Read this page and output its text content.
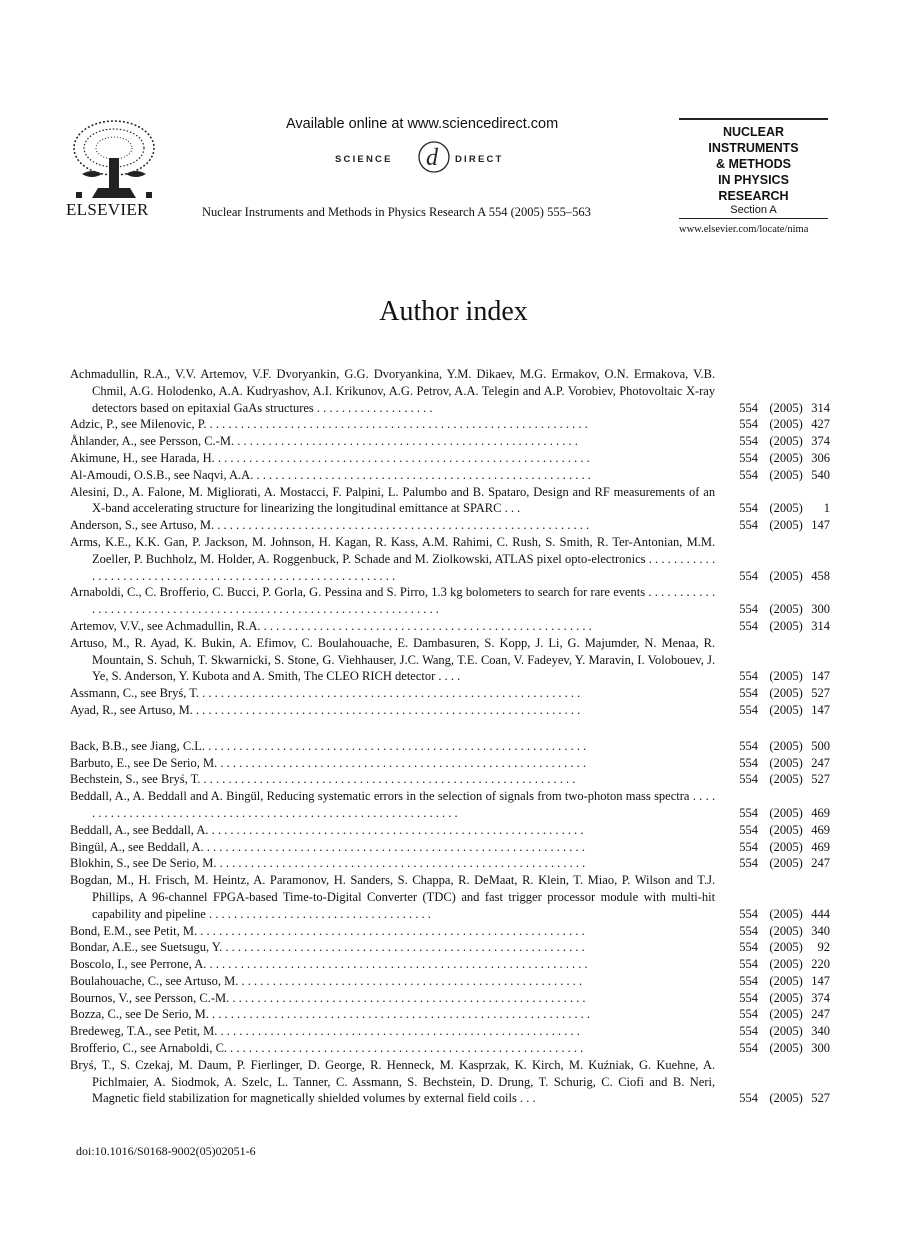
ELSEVIER
Available online at www.sciencedirect.com
SCIENCE d DIRECT
Nuclear Instruments and Methods in Physics Research A 554 (2005) 555–563
NUCLEAR
INSTRUMENTS
& METHODS
IN PHYSICS
RESEARCH
Section A
www.elsevier.com/locate/nima
Author index
Achmadullin, R.A., V.V. Artemov, V.F. Dvoryankin, G.G. Dvoryankina, Y.M. Dikaev, M.G. Ermakov, O.N. Ermakova, V.B. Chmil, A.G. Holodenko, A.A. Kudryashov, A.I. Krikunov, A.G. Petrov, A.A. Telegin and A.P. Vorobiev, Photovoltaic X-ray detectors based on epitaxial GaAs structures . . . . . . . . . . . . . . . . . . .	554 (2005) 314
Adzic, P., see Milenovic, P. . . . . . . . . . . . . . . . . . . . . . . . . . . . . . . . . . . . . . . . . . . . . . . . . . . . . . . . . . . . . .	554 (2005) 427
Åhlander, A., see Persson, C.-M. . . . . . . . . . . . . . . . . . . . . . . . . . . . . . . . . . . . . . . . . . . . . . . . . . . . . . . .	554 (2005) 374
Akimune, H., see Harada, H. . . . . . . . . . . . . . . . . . . . . . . . . . . . . . . . . . . . . . . . . . . . . . . . . . . . . . . . . . . . .	554 (2005) 306
Al-Amoudi, O.S.B., see Naqvi, A.A. . . . . . . . . . . . . . . . . . . . . . . . . . . . . . . . . . . . . . . . . . . . . . . . . . . . . . .	554 (2005) 540
Alesini, D., A. Falone, M. Migliorati, A. Mostacci, F. Palpini, L. Palumbo and B. Spataro, Design and RF measurements of an X-band accelerating structure for linearizing the longitudinal emittance at SPARC . . .	554 (2005)	1
Anderson, S., see Artuso, M. . . . . . . . . . . . . . . . . . . . . . . . . . . . . . . . . . . . . . . . . . . . . . . . . . . . . . . . . . . . .	554 (2005) 147
Arms, K.E., K.K. Gan, P. Jackson, M. Johnson, H. Kagan, R. Kass, A.M. Rahimi, C. Rush, S. Smith, R. Ter-Antonian, M.M. Zoeller, P. Buchholz, M. Holder, A. Roggenbuck, P. Schade and M. Ziolkowski, ATLAS pixel opto-electronics . . . . . . . . . . . . . . . . . . . . . . . . . . . . . . . . . . . . . . . . . . . . . . . . . . . . . . . . . . . .	554 (2005) 458
Arnaboldi, C., C. Brofferio, C. Bucci, P. Gorla, G. Pessina and S. Pirro, 1.3 kg bolometers to search for rare events . . . . . . . . . . . . . . . . . . . . . . . . . . . . . . . . . . . . . . . . . . . . . . . . . . . . . . . . . . . . . . . . . . .	554 (2005) 300
Artemov, V.V., see Achmadullin, R.A. . . . . . . . . . . . . . . . . . . . . . . . . . . . . . . . . . . . . . . . . . . . . . . . . . . . . .	554 (2005) 314
Artuso, M., R. Ayad, K. Bukin, A. Efimov, C. Boulahouache, E. Dambasuren, S. Kopp, J. Li, G. Majumder, N. Menaa, R. Mountain, S. Schuh, T. Skwarnicki, S. Stone, G. Viehhauser, J.C. Wang, T.E. Coan, V. Fadeyev, Y. Maravin, I. Volobouev, J. Ye, S. Anderson, Y. Kubota and A. Smith, The CLEO RICH detector . . . .	554 (2005) 147
Assmann, C., see Bryś, T. . . . . . . . . . . . . . . . . . . . . . . . . . . . . . . . . . . . . . . . . . . . . . . . . . . . . . . . . . . . . .	554 (2005) 527
Ayad, R., see Artuso, M. . . . . . . . . . . . . . . . . . . . . . . . . . . . . . . . . . . . . . . . . . . . . . . . . . . . . . . . . . . . . . .	554 (2005) 147
Back, B.B., see Jiang, C.L. . . . . . . . . . . . . . . . . . . . . . . . . . . . . . . . . . . . . . . . . . . . . . . . . . . . . . . . . . . . . .	554 (2005) 500
Barbuto, E., see De Serio, M. . . . . . . . . . . . . . . . . . . . . . . . . . . . . . . . . . . . . . . . . . . . . . . . . . . . . . . . . . . .	554 (2005) 247
Bechstein, S., see Bryś, T. . . . . . . . . . . . . . . . . . . . . . . . . . . . . . . . . . . . . . . . . . . . . . . . . . . . . . . . . . . . .	554 (2005) 527
Beddall, A., A. Beddall and A. Bingül, Reducing systematic errors in the selection of signals from two-photon mass spectra . . . . . . . . . . . . . . . . . . . . . . . . . . . . . . . . . . . . . . . . . . . . . . . . . . . . . . . . . . . . . . .	554 (2005) 469
Beddall, A., see Beddall, A. . . . . . . . . . . . . . . . . . . . . . . . . . . . . . . . . . . . . . . . . . . . . . . . . . . . . . . . . . . . .	554 (2005) 469
Bingül, A., see Beddall, A. . . . . . . . . . . . . . . . . . . . . . . . . . . . . . . . . . . . . . . . . . . . . . . . . . . . . . . . . . . . . .	554 (2005) 469
Blokhin, S., see De Serio, M. . . . . . . . . . . . . . . . . . . . . . . . . . . . . . . . . . . . . . . . . . . . . . . . . . . . . . . . . . . .	554 (2005) 247
Bogdan, M., H. Frisch, M. Heintz, A. Paramonov, H. Sanders, S. Chappa, R. DeMaat, R. Klein, T. Miao, P. Wilson and T.J. Phillips, A 96-channel FPGA-based Time-to-Digital Converter (TDC) and fast trigger processor module with multi-hit capability and pipeline . . . . . . . . . . . . . . . . . . . . . . . . . . . . . . . . . . . .	554 (2005) 444
Bond, E.M., see Petit, M. . . . . . . . . . . . . . . . . . . . . . . . . . . . . . . . . . . . . . . . . . . . . . . . . . . . . . . . . . . . . . .	554 (2005) 340
Bondar, A.E., see Suetsugu, Y. . . . . . . . . . . . . . . . . . . . . . . . . . . . . . . . . . . . . . . . . . . . . . . . . . . . . . . . . . .	554 (2005)	92
Boscolo, I., see Perrone, A. . . . . . . . . . . . . . . . . . . . . . . . . . . . . . . . . . . . . . . . . . . . . . . . . . . . . . . . . . . . . .	554 (2005) 220
Boulahouache, C., see Artuso, M. . . . . . . . . . . . . . . . . . . . . . . . . . . . . . . . . . . . . . . . . . . . . . . . . . . . . . . .	554 (2005) 147
Bournos, V., see Persson, C.-M. . . . . . . . . . . . . . . . . . . . . . . . . . . . . . . . . . . . . . . . . . . . . . . . . . . . . . . . . .	554 (2005) 374
Bozza, C., see De Serio, M. . . . . . . . . . . . . . . . . . . . . . . . . . . . . . . . . . . . . . . . . . . . . . . . . . . . . . . . . . . . . .	554 (2005) 247
Bredeweg, T.A., see Petit, M. . . . . . . . . . . . . . . . . . . . . . . . . . . . . . . . . . . . . . . . . . . . . . . . . . . . . . . . . . .	554 (2005) 340
Brofferio, C., see Arnaboldi, C. . . . . . . . . . . . . . . . . . . . . . . . . . . . . . . . . . . . . . . . . . . . . . . . . . . . . . . . . .	554 (2005) 300
Bryś, T., S. Czekaj, M. Daum, P. Fierlinger, D. George, R. Henneck, M. Kasprzak, K. Kirch, M. Kuźniak, G. Kuehne, A. Pichlmaier, A. Siodmok, A. Szelc, L. Tanner, C. Assmann, S. Bechstein, D. Drung, T. Schurig, C. Ciofi and B. Neri, Magnetic field stabilization for magnetically shielded volumes by external field coils . . .	554 (2005) 527
doi:10.1016/S0168-9002(05)02051-6
